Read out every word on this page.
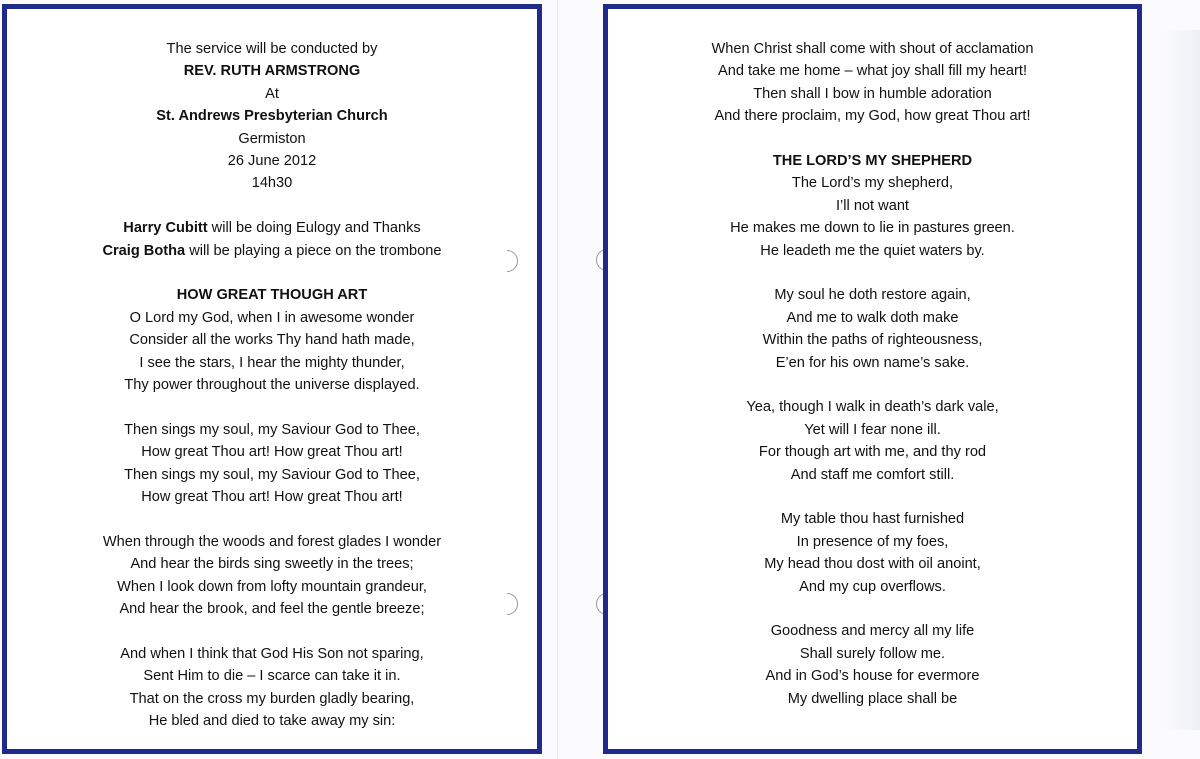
The service will be conducted by
REV. RUTH ARMSTRONG
At
St. Andrews Presbyterian Church
Germiston
26 June 2012
14h30
Harry Cubitt will be doing Eulogy and Thanks
Craig Botha will be playing a piece on the trombone
HOW GREAT THOUGH ART
O Lord my God, when I in awesome wonder
Consider all the works Thy hand hath made,
I see the stars, I hear the mighty thunder,
Thy power throughout the universe displayed.
Then sings my soul, my Saviour God to Thee,
How great Thou art! How great Thou art!
Then sings my soul, my Saviour God to Thee,
How great Thou art! How great Thou art!
When through the woods and forest glades I wonder
And hear the birds sing sweetly in the trees;
When I look down from lofty mountain grandeur,
And hear the brook, and feel the gentle breeze;
And when I think that God His Son not sparing,
Sent Him to die – I scarce can take it in.
That on the cross my burden gladly bearing,
He bled and died to take away my sin:
When Christ shall come with shout of acclamation
And take me home – what joy shall fill my heart!
Then shall I bow in humble adoration
And there proclaim, my God, how great Thou art!
THE LORD’S MY SHEPHERD
The Lord’s my shepherd,
I’ll not want
He makes me down to lie in pastures green.
He leadeth me the quiet waters by.
My soul he doth restore again,
And me to walk doth make
Within the paths of righteousness,
E’en for his own name’s sake.
Yea, though I walk in death’s dark vale,
Yet will I fear none ill.
For though art with me, and thy rod
And staff me comfort still.
My table thou hast furnished
In presence of my foes,
My head thou dost with oil anoint,
And my cup overflows.
Goodness and mercy all my life
Shall surely follow me.
And in God’s house for evermore
My dwelling place shall be
